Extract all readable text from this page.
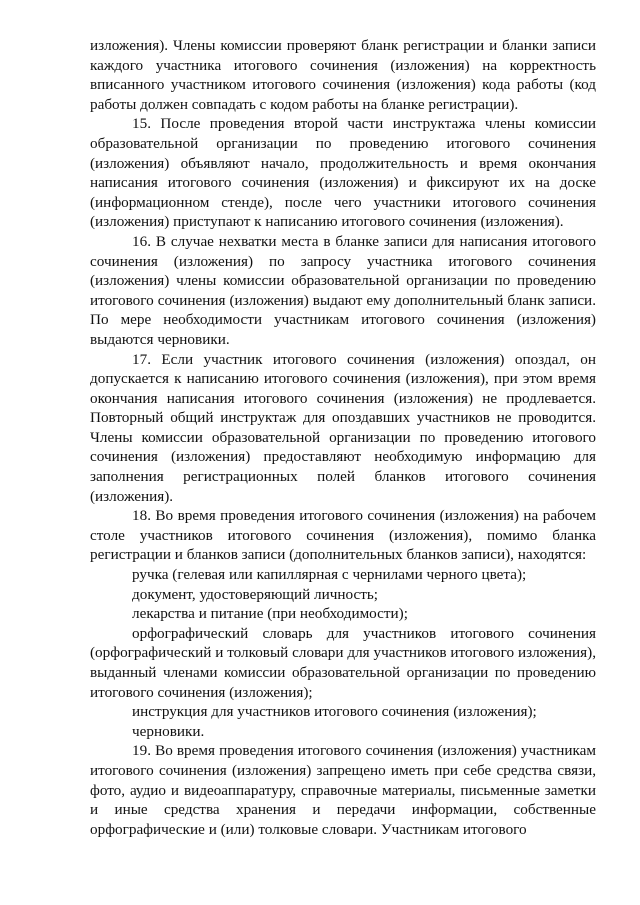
изложения). Члены комиссии проверяют бланк регистрации и бланки записи каждого участника итогового сочинения (изложения) на корректность вписанного участником итогового сочинения (изложения) кода работы (код работы должен совпадать с кодом работы на бланке регистрации).

15. После проведения второй части инструктажа члены комиссии образовательной организации по проведению итогового сочинения (изложения) объявляют начало, продолжительность и время окончания написания итогового сочинения (изложения) и фиксируют их на доске (информационном стенде), после чего участники итогового сочинения (изложения) приступают к написанию итогового сочинения (изложения).

16. В случае нехватки места в бланке записи для написания итогового сочинения (изложения) по запросу участника итогового сочинения (изложения) члены комиссии образовательной организации по проведению итогового сочинения (изложения) выдают ему дополнительный бланк записи. По мере необходимости участникам итогового сочинения (изложения) выдаются черновики.

17. Если участник итогового сочинения (изложения) опоздал, он допускается к написанию итогового сочинения (изложения), при этом время окончания написания итогового сочинения (изложения) не продлевается. Повторный общий инструктаж для опоздавших участников не проводится. Члены комиссии образовательной организации по проведению итогового сочинения (изложения) предоставляют необходимую информацию для заполнения регистрационных полей бланков итогового сочинения (изложения).

18. Во время проведения итогового сочинения (изложения) на рабочем столе участников итогового сочинения (изложения), помимо бланка регистрации и бланков записи (дополнительных бланков записи), находятся:

ручка (гелевая или капиллярная с чернилами черного цвета);

документ, удостоверяющий личность;

лекарства и питание (при необходимости);

орфографический словарь для участников итогового сочинения (орфографический и толковый словари для участников итогового изложения), выданный членами комиссии образовательной организации по проведению итогового сочинения (изложения);

инструкция для участников итогового сочинения (изложения);

черновики.

19. Во время проведения итогового сочинения (изложения) участникам итогового сочинения (изложения) запрещено иметь при себе средства связи, фото, аудио и видеоаппаратуру, справочные материалы, письменные заметки и иные средства хранения и передачи информации, собственные орфографические и (или) толковые словари. Участникам итогового
